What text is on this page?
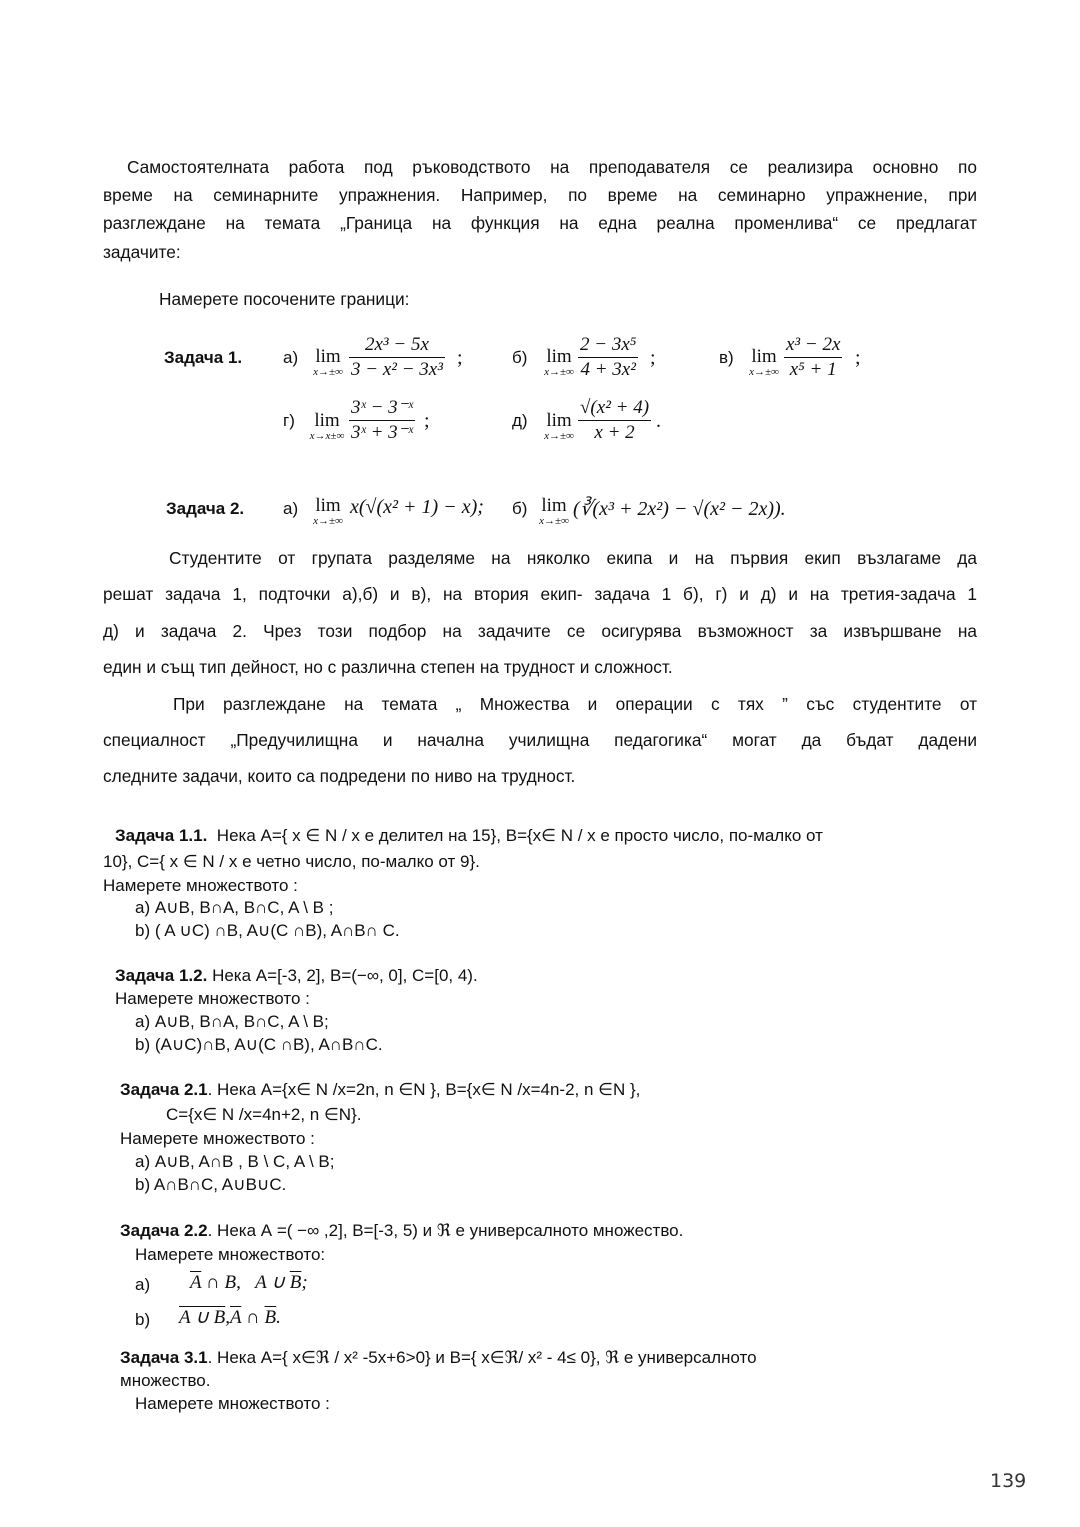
Самостоятелната работа под ръководството на преподавателя се реализира основно по
време на семинарните упражнения. Например, по време на семинарно упражнение, при
разглеждане на темата „Граница на функция на една реална променлива“ се предлагат
задачите:
Намерете посочените граници:
Задача 1. а) lim
$x\to\pm\infty \frac{\text{2x³ − 5x}}{\text{3 − x² − 3x³}}$ ;	б) lim
$x\to\pm\infty \frac{\text{2 − 3x⁵}}{\text{4 + 3x²}}$ ;	в) lim
$x\to\pm\infty \frac{\text{x³ − 2x}}{\text{x⁵ + 1}}$ ;
г)	lim
$x\to x\pm\infty \frac{\text{3ˣ − 3⁻ˣ}}{\text{3ˣ + 3⁻ˣ}}$ ;	д) lim
$x\to\pm\infty \frac{\text{√(x² + 4)}}{x + 2}$ .
Задача 2. а) lim
x→±∞
x(√(x² + 1) − x); б) lim
x→±∞
(∛(x³ + 2x²) − √(x² − 2x)).
Студентите от групата разделяме на няколко екипа и на първия екип възлагаме да
решат задача 1, подточки а),б) и в), на втория екип- задача 1 б), г) и д) и на третия-задача 1
д) и задача 2. Чрез този подбор на задачите се осигурява възможност за извършване на
един и същ тип дейност, но с различна степен на трудност и сложност.
При разглеждане на темата „ Множества и операции с тях ” със студентите от
специалност „Предучилищна и начална училищна педагогика“ могат да бъдат дадени
следните задачи, които са подредени по ниво на трудност.
Задача 1.1. Нека А={ x ∈ N / x е делител на 15}, В={x∈ N / x е просто число, по-малко от
10}, С={ x ∈ N / x е четно число, по-малко от 9}.
Намерете множеството :
а) A∪B, B∩A, B∩C, A \ B ;
b) ( A ∪C) ∩B, A∪(C ∩B), A∩B∩ C.
Задача 1.2. Нека А=[-3, 2], В=(−∞, 0], С=[0, 4).
Намерете множеството :
а) A∪B, B∩A, B∩C, A \ B;
b) (A∪C)∩B, A∪(C ∩B), A∩B∩C.
Задача 2.1. Нека А={x∈ N /x=2n, n ∈N }, В={x∈ N /x=4n-2, n ∈N },
С={x∈ N /x=4n+2, n ∈N}.
Намерете множеството :
а) A∪B, A∩B , B \ C, A \ B;
b) A∩B∩C, A∪B∪C.
Задача 2.2. Нека А =( −∞ ,2], В=[-3, 5) и ℜ е универсалното множество.
Намерете множеството:
а) $\overline{A}$ ∩ B, A ∪ $\overline{B}$;
b) A ∪ $B,\overline{A}$ ∩ $\overline{B}$.
Задача 3.1. Нека А={ x∈ℜ / x² -5x+6>0} и В={ x∈ℜ/ x² - 4≤ 0}, ℜ е универсалното
множество.
Намерете множеството :
139
